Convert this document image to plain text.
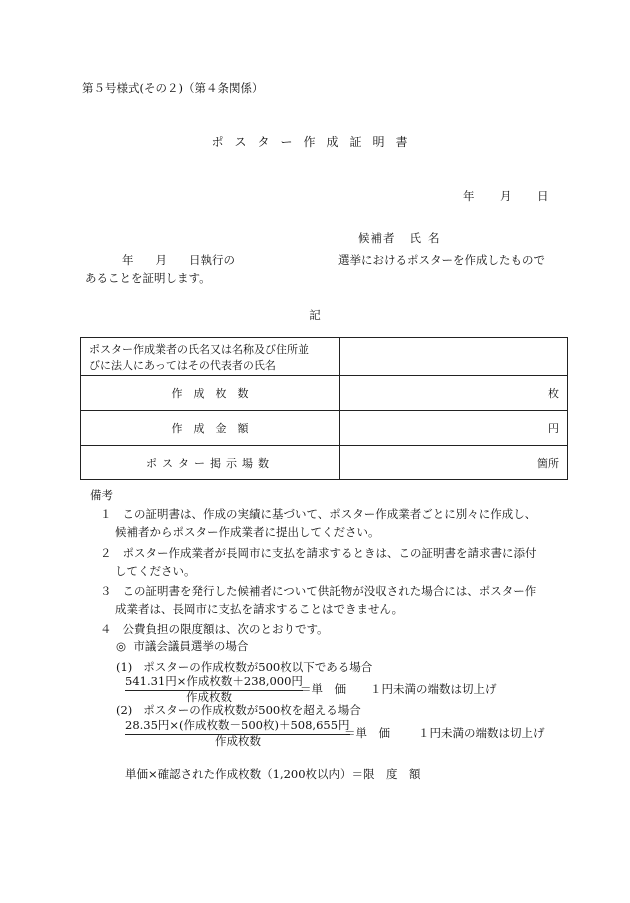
第５号様式(その２)（第４条関係）
ポスター作成証明書
年 月 日
候補者 氏名
年 月 日執行の	選挙におけるポスターを作成したもので
あることを証明します。
記
ポスター作成業者の氏名又は名称及び住所並
びに法人にあってはその代表者の氏名	

作　成　枚　数	枚
作　成　金　額	円
ポスター掲示場数	箇所
備考
１ この証明書は、作成の実績に基づいて、ポスター作成業者ごとに別々に作成し、
候補者からポスター作成業者に提出してください。
２ ポスター作成業者が長岡市に支払を請求するときは、この証明書を請求書に添付
してください。
３ この証明書を発行した候補者について供託物が没収された場合には、ポスター作
成業者は、長岡市に支払を請求することはできません。
４ 公費負担の限度額は、次のとおりです。
◎ 市議会議員選挙の場合
(1) ポスターの作成枚数が500枚以下である場合
541.31円×作成枚数＋238,000円
作成枚数
＝単　価 １円未満の端数は切上げ
(2) ポスターの作成枚数が500枚を超える場合
28.35円×(作成枚数－500枚)＋508,655円
作成枚数
＝単　価 １円未満の端数は切上げ
単価×確認された作成枚数（1,200枚以内）＝限　度　額
